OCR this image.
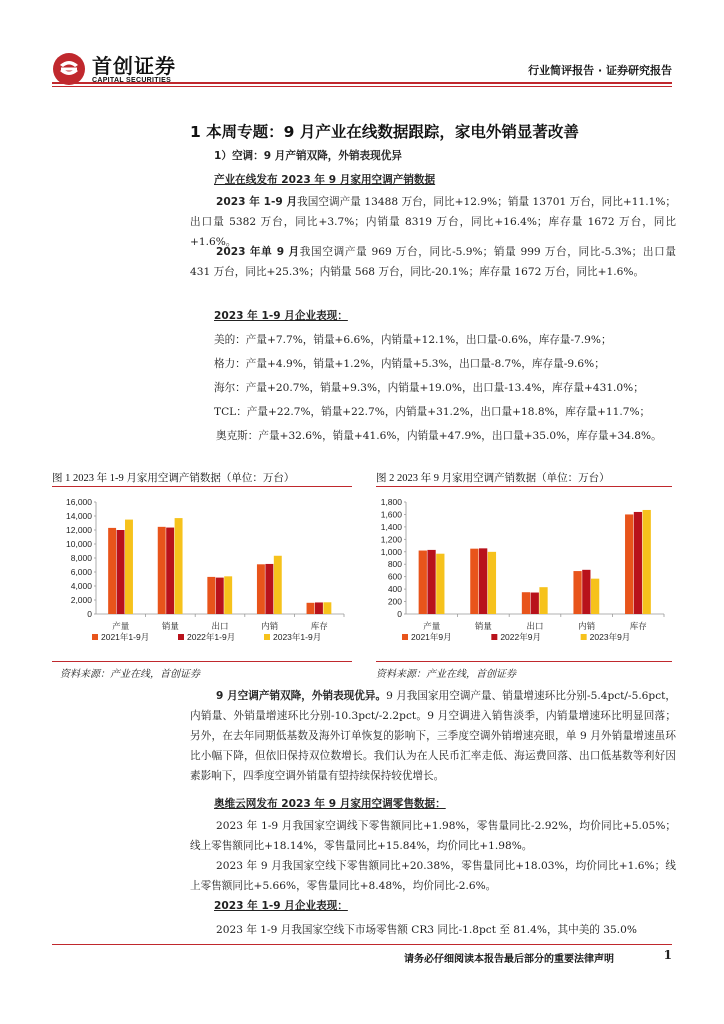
首创证券
CAPITAL SECURITIES
行业简评报告 · 证券研究报告
1 本周专题：9 月产业在线数据跟踪，家电外销显著改善
1）空调：9 月产销双降，外销表现优异
产业在线发布 2023 年 9 月家用空调产销数据
2023 年 1-9 月我国空调产量 13488 万台，同比+12.9%；销量 13701 万台，同比+11.1%；出口量 5382 万台，同比+3.7%；内销量 8319 万台，同比+16.4%；库存量 1672 万台，同比+1.6%。
2023 年单 9 月我国空调产量 969 万台，同比-5.9%；销量 999 万台，同比-5.3%；出口量 431 万台，同比+25.3%；内销量 568 万台，同比-20.1%；库存量 1672 万台，同比+1.6%。
2023 年 1-9 月企业表现：
美的：产量+7.7%，销量+6.6%，内销量+12.1%，出口量-0.6%，库存量-7.9%；
格力：产量+4.9%，销量+1.2%，内销量+5.3%，出口量-8.7%，库存量-9.6%；
海尔：产量+20.7%，销量+9.3%，内销量+19.0%，出口量-13.4%，库存量+431.0%；
TCL：产量+22.7%，销量+22.7%，内销量+31.2%，出口量+18.8%，库存量+11.7%；
奥克斯：产量+32.6%，销量+41.6%，内销量+47.9%，出口量+35.0%，库存量+34.8%。
图 1 2023 年 1-9 月家用空调产销数据（单位：万台）	图 2 2023 年 9 月家用空调产销数据（单位：万台）
0
2,000
4,000
6,000
8,000
10,000
12,000
14,000
16,000
产量	销量	出口	内销	库存
2021年1-9月	2022年1-9月	2023年1-9月
0
200
400
600
800
1,000
1,200
1,400
1,600
1,800
产量	销量	出口	内销	库存
2021年9月	2022年9月	2023年9月
资料来源：产业在线，首创证券	资料来源：产业在线，首创证券
9 月空调产销双降，外销表现优异。9 月我国家用空调产量、销量增速环比分别-5.4pct/-5.6pct，内销量、外销量增速环比分别-10.3pct/-2.2pct。9 月空调进入销售淡季，内销量增速环比明显回落；另外，在去年同期低基数及海外订单恢复的影响下，三季度空调外销增速亮眼，单 9 月外销量增速虽环比小幅下降，但依旧保持双位数增长。我们认为在人民币汇率走低、海运费回落、出口低基数等利好因素影响下，四季度空调外销量有望持续保持较优增长。
奥维云网发布 2023 年 9 月家用空调零售数据：
2023 年 1-9 月我国家空调线下零售额同比+1.98%，零售量同比-2.92%，均价同比+5.05%；线上零售额同比+18.14%，零售量同比+15.84%，均价同比+1.98%。
2023 年 9 月我国家空线下零售额同比+20.38%，零售量同比+18.03%，均价同比+1.6%；线上零售额同比+5.66%，零售量同比+8.48%，均价同比-2.6%。
2023 年 1-9 月企业表现：
2023 年 1-9 月我国家空线下市场零售额 CR3 同比-1.8pct 至 81.4%，其中美的 35.0%
请务必仔细阅读本报告最后部分的重要法律声明	1
